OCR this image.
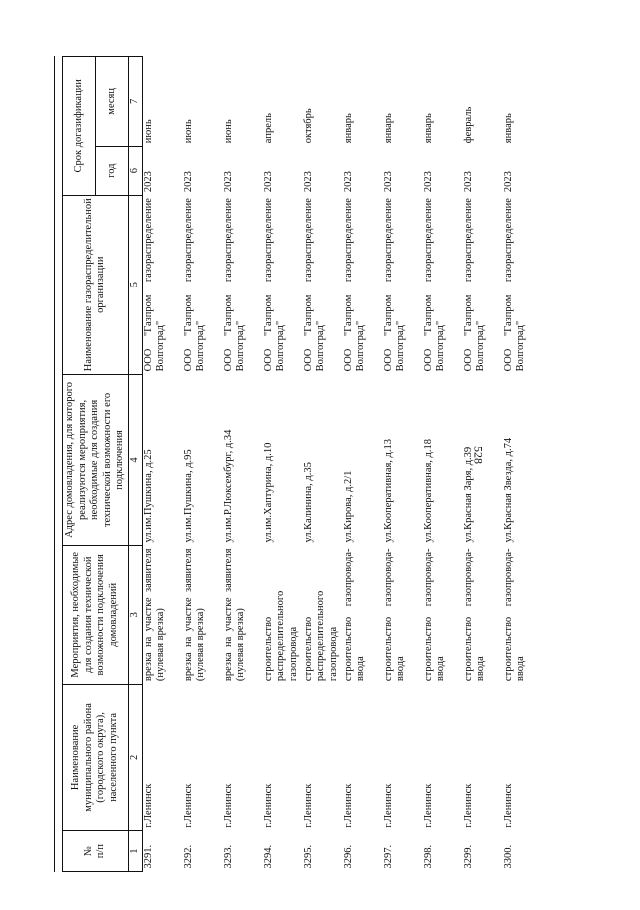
528
№
п/п	Наименование муниципального района (городского округа), населенного пункта	Мероприятия, необходимые для создания технической возможности подключения домовладений	Адрес домовладения, для которого реализуются мероприятия, необходимые для создания технической возможности его подключения	Наименование газораспределительной организации	Срок догазификации	
					год	месяц
1	2	3	4	5	6	7
3291.	г.Ленинск	врезка на участке заявителя (нулевая врезка)	ул.им.Пушкина, д.25	ООО "Газпром газораспределение Волгоград"	2023	июнь
3292.	г.Ленинск	врезка на участке заявителя (нулевая врезка)	ул.им.Пушкина, д.95	ООО "Газпром газораспределение Волгоград"	2023	июнь
3293.	г.Ленинск	врезка на участке заявителя (нулевая врезка)	ул.им.Р.Люксембург, д.34	ООО "Газпром газораспределение Волгоград"	2023	июнь
3294.	г.Ленинск	строительство распределительного газопровода	ул.им.Хаптурина, д.10	ООО "Газпром газораспределение Волгоград"	2023	апрель
3295.	г.Ленинск	строительство распределительного газопровода	ул.Калинина, д.35	ООО "Газпром газораспределение Волгоград"	2023	октябрь
3296.	г.Ленинск	строительство газопровода-ввода	ул.Кирова, д.2/1	ООО "Газпром газораспределение Волгоград"	2023	январь
3297.	г.Ленинск	строительство газопровода-ввода	ул.Кооперативная, д.13	ООО "Газпром газораспределение Волгоград"	2023	январь
3298.	г.Ленинск	строительство газопровода-ввода	ул.Кооперативная, д.18	ООО "Газпром газораспределение Волгоград"	2023	январь
3299.	г.Ленинск	строительство газопровода-ввода	ул.Красная Заря, д.39	ООО "Газпром газораспределение Волгоград"	2023	февраль
3300.	г.Ленинск	строительство газопровода-ввода	ул.Красная Звезда, д.74	ООО "Газпром газораспределение Волгоград"	2023	январь
